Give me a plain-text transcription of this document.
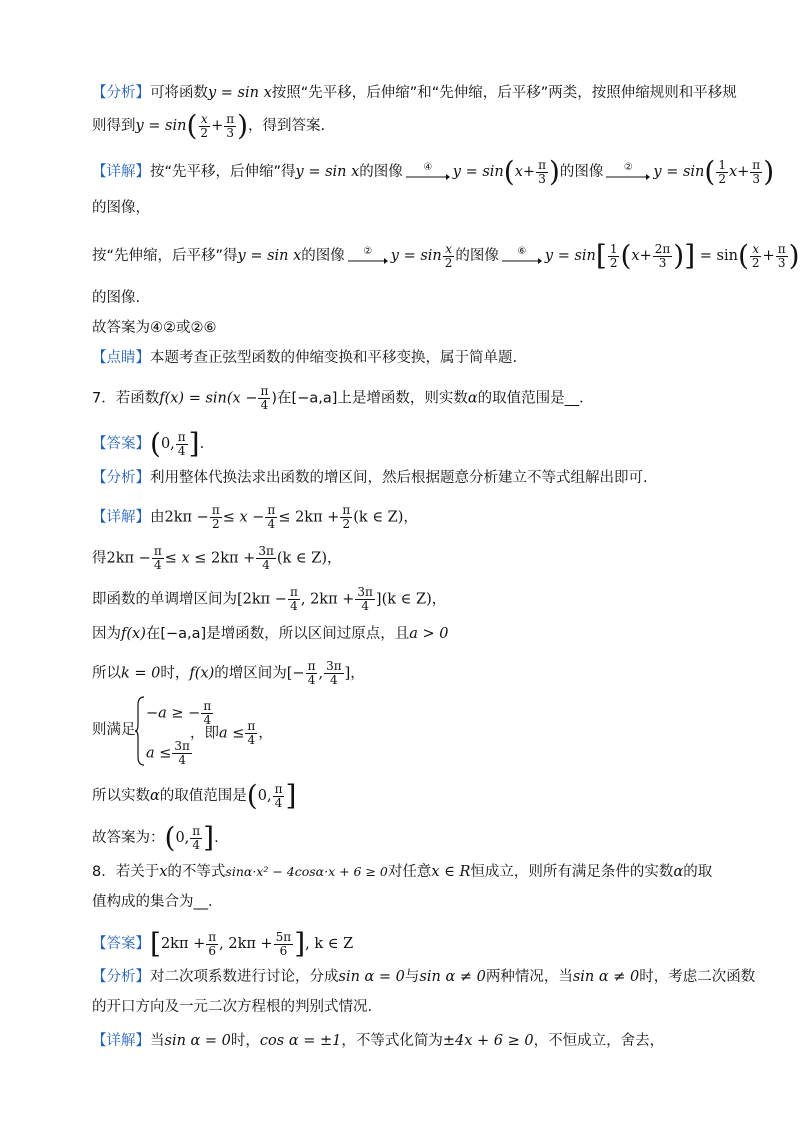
【分析】可将函数y = sin x按照“先平移，后伸缩”和“先伸缩，后平移”两类，按照伸缩规则和平移规
则得到$y = \sin( \frac{x}{2} + \frac{\pi}{3}$ )，得到答案.
【详解】按“先平移，后伸缩”得y = sin x的图像 ④ $y = \sin(x+ \frac{\pi}{3}$ )的图像 ② $y = \sin( \frac{1}{2} x+ \frac{\pi}{3}$ )
的图像，
按“先伸缩，后平移”得y = sin x的图像 ② $y = \sin \frac{x}{2}$ 的图像 ⑥ $y = \sin[ \frac{1}{2} (x+ \frac{2\pi}{3}$ )] = $\sin( \frac{x}{2} + \frac{\pi}{3}$ )
的图像.
故答案为④②或②⑥
【点睛】本题考查正弦型函数的伸缩变换和平移变换，属于简单题.
7．若函数$f(x) = \sin(x - \frac{\pi}{4}$ )在[−a,a]上是增函数，则实数α的取值范围是__．
【答案】(0, $\frac{\pi}{4}$ ].
【分析】利用整体代换法求出函数的增区间，然后根据题意分析建立不等式组解出即可.
【详解】由$2k\pi - \frac{\pi}{2} \le x - \frac{\pi}{4} \le 2k\pi + \frac{\pi}{2} (k$ ∈ Z)，
得$2k\pi - \frac{\pi}{4} \le x \le 2k\pi + \frac{3\pi}{4} (k$ ∈ Z)，
即函数的单调增区间为[$2k\pi - \frac{\pi}{4}$ , $2k\pi + \frac{3\pi}{4} ](k$ ∈ Z)，
因为f(x)在[−a,a]是增函数，所以区间过原点，且a > 0
所以k = 0时，f(x)的增区间为[− $\frac{\pi}{4}$ , $\frac{3\pi}{4}$ ]，
−a ≥ − $\frac{\pi}{4}$
$a \le \frac{3\pi}{4}$
则满足	，即$a \le \frac{\pi}{4}$ ，
所以实数α的取值范围是(0, $\frac{\pi}{4}$ ]
故答案为：(0, $\frac{\pi}{4}$ ].
8．若关于x的不等式sinα·x² − 4cosα·x + 6 ≥ 0对任意x ∈ R恒成立，则所有满足条件的实数α的取
值构成的集合为__．
【答案】[$2k\pi + \frac{\pi}{6}$ , $2k\pi + \frac{5\pi}{6}$ ], k ∈ Z
【分析】对二次项系数进行讨论，分成sin α = 0与sin α ≠ 0两种情况，当sin α ≠ 0时，考虑二次函数
的开口方向及一元二次方程根的判别式情况.
【详解】当sin α = 0时，cos α = ±1，不等式化简为±4x + 6 ≥ 0，不恒成立，舍去，
